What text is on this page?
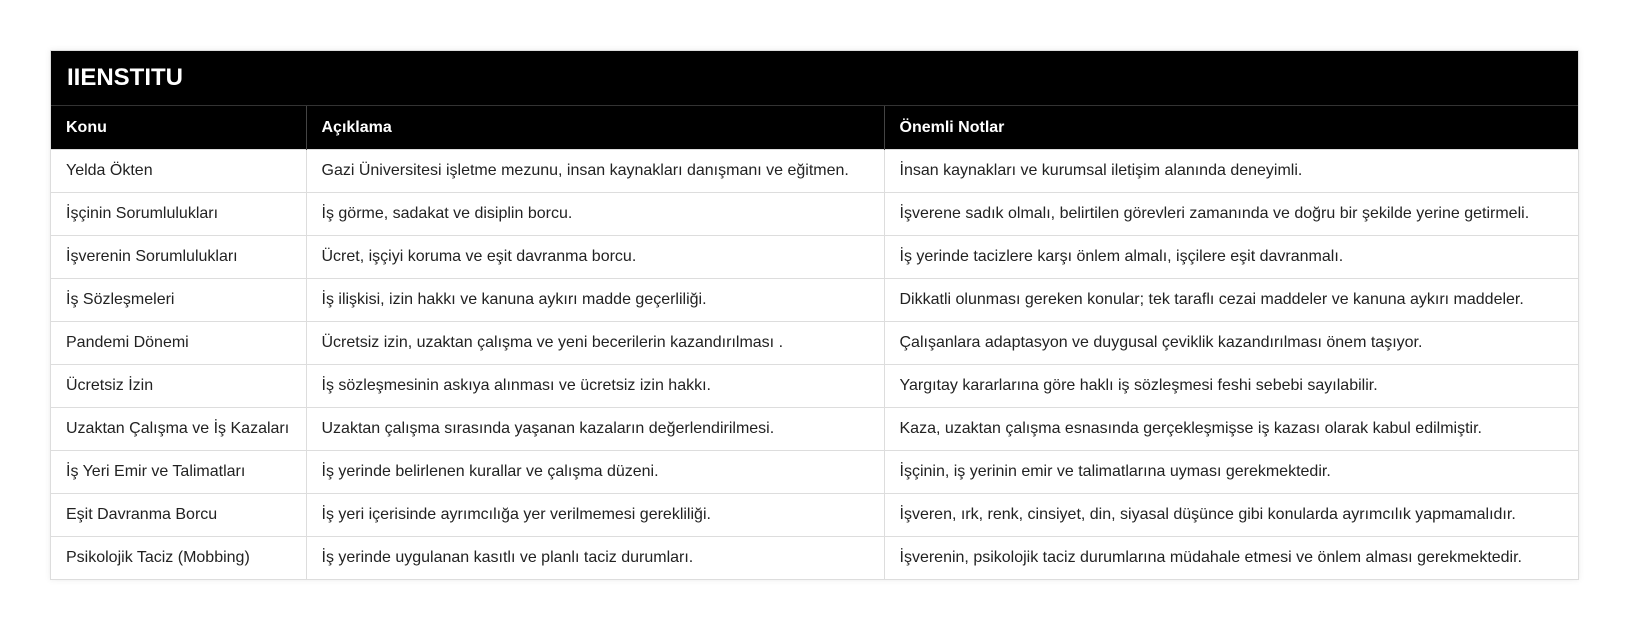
IIENSTITU
Konu	Açıklama	Önemli Notlar
Yelda Ökten	Gazi Üniversitesi işletme mezunu, insan kaynakları danışmanı ve eğitmen.	İnsan kaynakları ve kurumsal iletişim alanında deneyimli.
İşçinin Sorumlulukları	İş görme, sadakat ve disiplin borcu.	İşverene sadık olmalı, belirtilen görevleri zamanında ve doğru bir şekilde yerine getirmeli.
İşverenin Sorumlulukları	Ücret, işçiyi koruma ve eşit davranma borcu.	İş yerinde tacizlere karşı önlem almalı, işçilere eşit davranmalı.
İş Sözleşmeleri	İş ilişkisi, izin hakkı ve kanuna aykırı madde geçerliliği.	Dikkatli olunması gereken konular; tek taraflı cezai maddeler ve kanuna aykırı maddeler.
Pandemi Dönemi	Ücretsiz izin, uzaktan çalışma ve yeni becerilerin kazandırılması .	Çalışanlara adaptasyon ve duygusal çeviklik kazandırılması önem taşıyor.
Ücretsiz İzin	İş sözleşmesinin askıya alınması ve ücretsiz izin hakkı.	Yargıtay kararlarına göre haklı iş sözleşmesi feshi sebebi sayılabilir.
Uzaktan Çalışma ve İş Kazaları	Uzaktan çalışma sırasında yaşanan kazaların değerlendirilmesi.	Kaza, uzaktan çalışma esnasında gerçekleşmişse iş kazası olarak kabul edilmiştir.
İş Yeri Emir ve Talimatları	İş yerinde belirlenen kurallar ve çalışma düzeni.	İşçinin, iş yerinin emir ve talimatlarına uyması gerekmektedir.
Eşit Davranma Borcu	İş yeri içerisinde ayrımcılığa yer verilmemesi gerekliliği.	İşveren, ırk, renk, cinsiyet, din, siyasal düşünce gibi konularda ayrımcılık yapmamalıdır.
Psikolojik Taciz (Mobbing)	İş yerinde uygulanan kasıtlı ve planlı taciz durumları.	İşverenin, psikolojik taciz durumlarına müdahale etmesi ve önlem alması gerekmektedir.
